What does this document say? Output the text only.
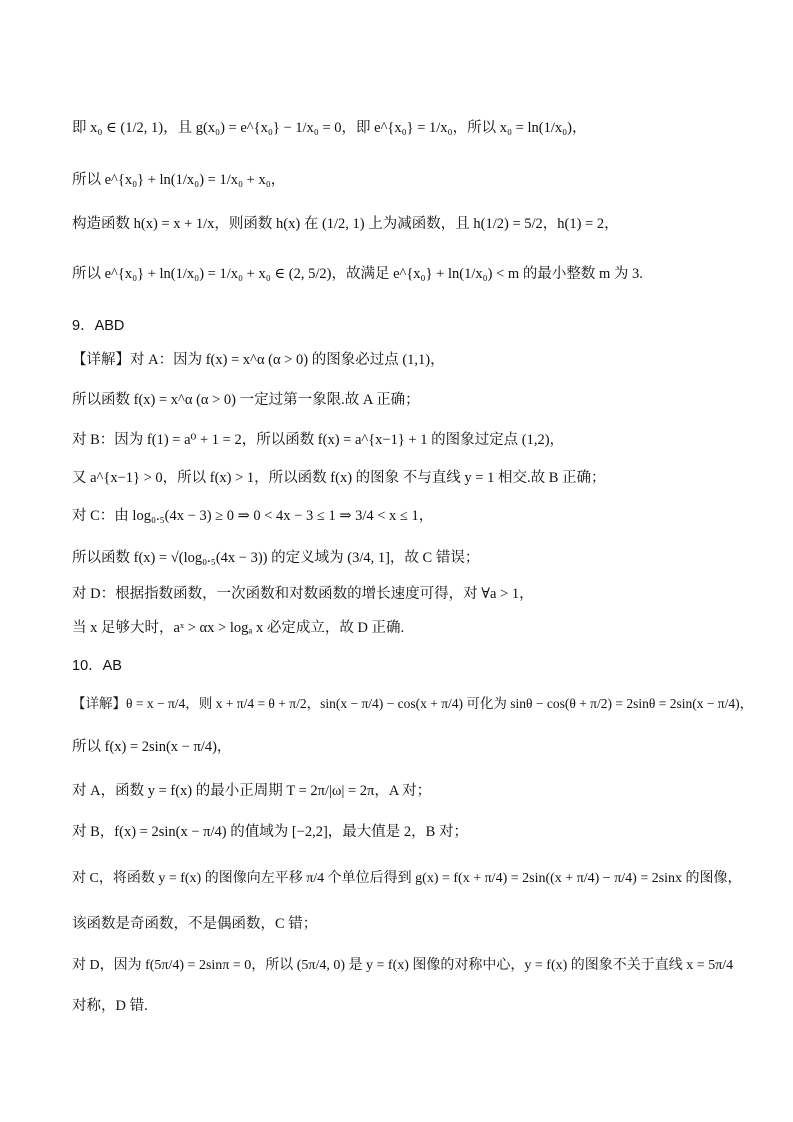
即 x₀ ∈ (1/2, 1)，且 g(x₀) = e^{x₀} − 1/x₀ = 0，即 e^{x₀} = 1/x₀，所以 x₀ = ln(1/x₀)，
所以 e^{x₀} + ln(1/x₀) = 1/x₀ + x₀，
构造函数 h(x) = x + 1/x，则函数 h(x) 在 (1/2, 1) 上为减函数，且 h(1/2) = 5/2，h(1) = 2，
所以 e^{x₀} + ln(1/x₀) = 1/x₀ + x₀ ∈ (2, 5/2)，故满足 e^{x₀} + ln(1/x₀) < m 的最小整数 m 为 3.
9．ABD
【详解】对 A：因为 f(x) = x^α (α > 0) 的图象必过点 (1,1)，
所以函数 f(x) = x^α (α > 0) 一定过第一象限.故 A 正确；
对 B：因为 f(1) = a⁰ + 1 = 2，所以函数 f(x) = a^{x−1} + 1 的图象过定点 (1,2)，
又 a^{x−1} > 0，所以 f(x) > 1，所以函数 f(x) 的图象 不与直线 y = 1 相交.故 B 正确；
对 C：由 log₀.₅(4x − 3) ≥ 0 ⇒ 0 < 4x − 3 ≤ 1 ⇒ 3/4 < x ≤ 1，
所以函数 f(x) = √(log₀.₅(4x − 3)) 的定义域为 (3/4, 1]，故 C 错误；
对 D：根据指数函数，一次函数和对数函数的增长速度可得，对 ∀a > 1，
当 x 足够大时，aˣ > αx > logₐ x 必定成立，故 D 正确.
10．AB
【详解】θ = x − π/4，则 x + π/4 = θ + π/2，sin(x − π/4) − cos(x + π/4) 可化为 sinθ − cos(θ + π/2) = 2sinθ = 2sin(x − π/4)，
所以 f(x) = 2sin(x − π/4)，
对 A，函数 y = f(x) 的最小正周期 T = 2π/|ω| = 2π，A 对；
对 B，f(x) = 2sin(x − π/4) 的值域为 [−2,2]，最大值是 2，B 对；
对 C，将函数 y = f(x) 的图像向左平移 π/4 个单位后得到 g(x) = f(x + π/4) = 2sin((x + π/4) − π/4) = 2sinx 的图像，
该函数是奇函数，不是偶函数，C 错；
对 D，因为 f(5π/4) = 2sinπ = 0，所以 (5π/4, 0) 是 y = f(x) 图像的对称中心，y = f(x) 的图象不关于直线 x = 5π/4
对称，D 错.
